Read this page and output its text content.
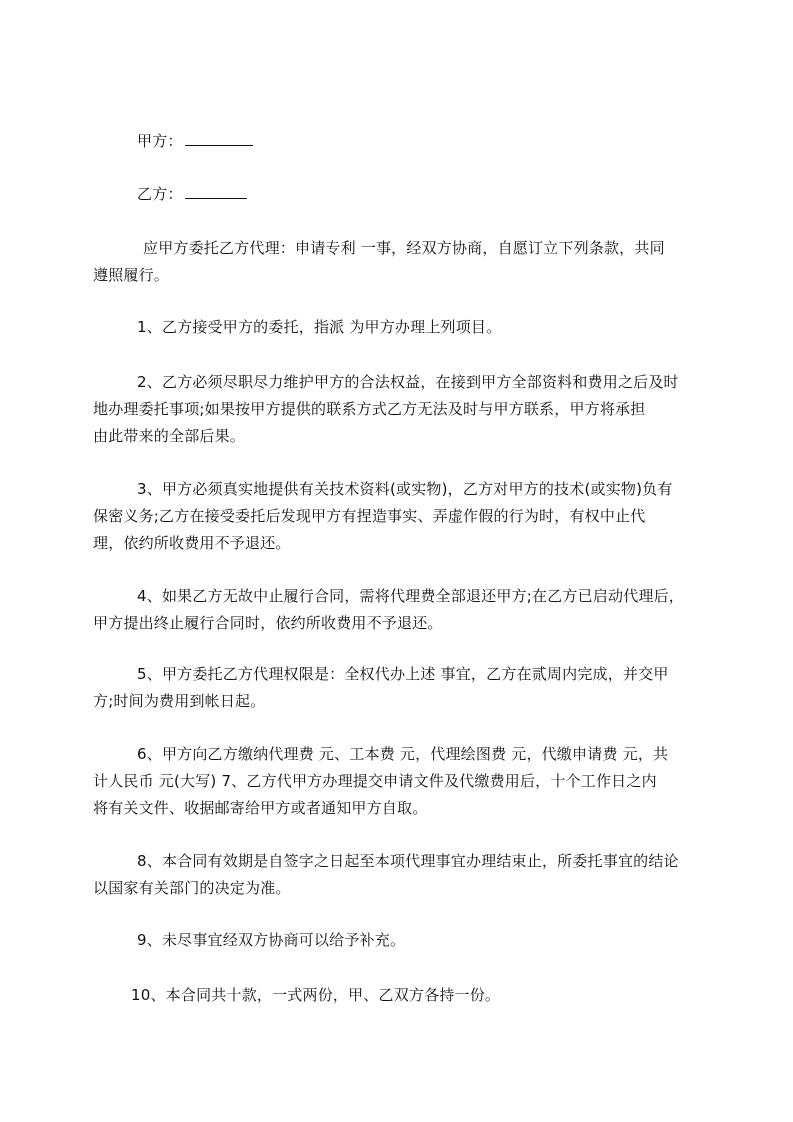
甲方：
乙方：
应甲方委托乙方代理：申请专利 一事，经双方协商，自愿订立下列条款，共同
遵照履行。
1、乙方接受甲方的委托，指派 为甲方办理上列项目。
2、乙方必须尽职尽力维护甲方的合法权益，在接到甲方全部资料和费用之后及时
地办理委托事项;如果按甲方提供的联系方式乙方无法及时与甲方联系，甲方将承担
由此带来的全部后果。
3、甲方必须真实地提供有关技术资料(或实物)，乙方对甲方的技术(或实物)负有
保密义务;乙方在接受委托后发现甲方有捏造事实、弄虚作假的行为时，有权中止代
理，依约所收费用不予退还。
4、如果乙方无故中止履行合同，需将代理费全部退还甲方;在乙方已启动代理后，
甲方提出终止履行合同时，依约所收费用不予退还。
5、甲方委托乙方代理权限是：全权代办上述 事宜，乙方在贰周内完成，并交甲
方;时间为费用到帐日起。
6、甲方向乙方缴纳代理费 元、工本费 元，代理绘图费 元，代缴申请费 元，共
计人民币 元(大写) 7、乙方代甲方办理提交申请文件及代缴费用后，十个工作日之内
将有关文件、收据邮寄给甲方或者通知甲方自取。
8、本合同有效期是自签字之日起至本项代理事宜办理结束止，所委托事宜的结论
以国家有关部门的决定为准。
9、未尽事宜经双方协商可以给予补充。
10、本合同共十款，一式两份，甲、乙双方各持一份。
